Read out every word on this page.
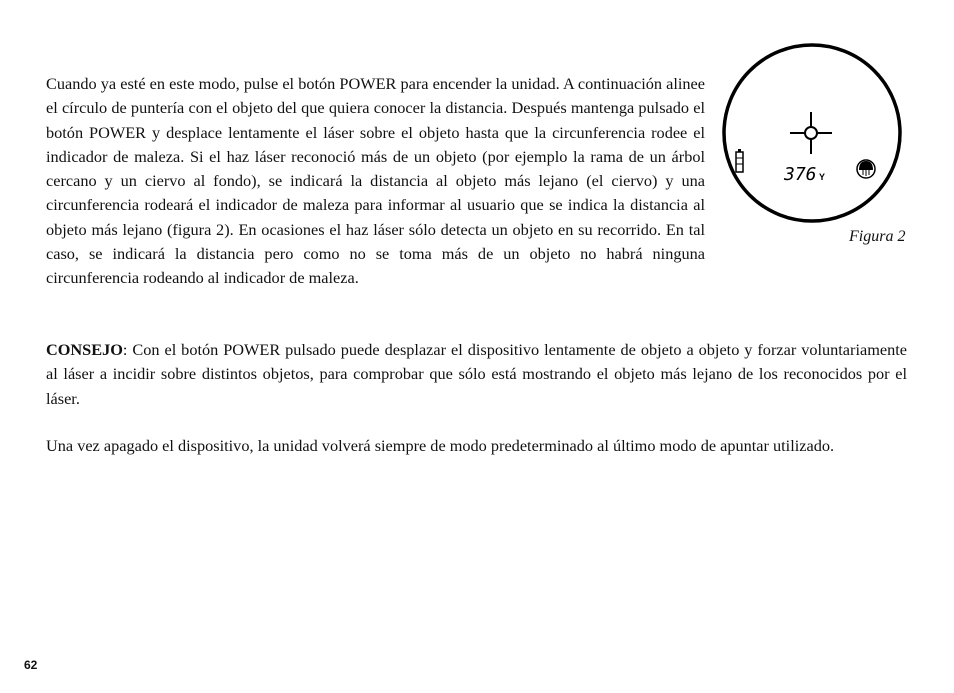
Cuando ya esté en este modo, pulse el botón POWER para encender la unidad. A continuación alinee el círculo de puntería con el objeto del que quiera conocer la distancia. Después mantenga pulsado el botón POWER y desplace lentamente el láser sobre el objeto hasta que la circunferencia rodee el indicador de maleza. Si el haz láser reconoció más de un objeto (por ejemplo la rama de un árbol cercano y un ciervo al fondo), se indicará la distancia al objeto más lejano (el ciervo) y una circunferencia rodeará el indicador de maleza para informar al usuario que se indica la distancia al objeto más lejano (figura 2). En ocasiones el haz láser sólo detecta un objeto en su recorrido. En tal caso, se indicará la distancia pero como no se toma más de un objeto no habrá ninguna circunferencia rodeando al indicador de maleza.

376 Y
Figura 2

CONSEJO: Con el botón POWER pulsado puede desplazar el dispositivo lentamente de objeto a objeto y forzar voluntariamente al láser a incidir sobre distintos objetos, para comprobar que sólo está mostrando el objeto más lejano de los reconocidos por el láser.

Una vez apagado el dispositivo, la unidad volverá siempre de modo predeterminado al último modo de apuntar utilizado.

62
